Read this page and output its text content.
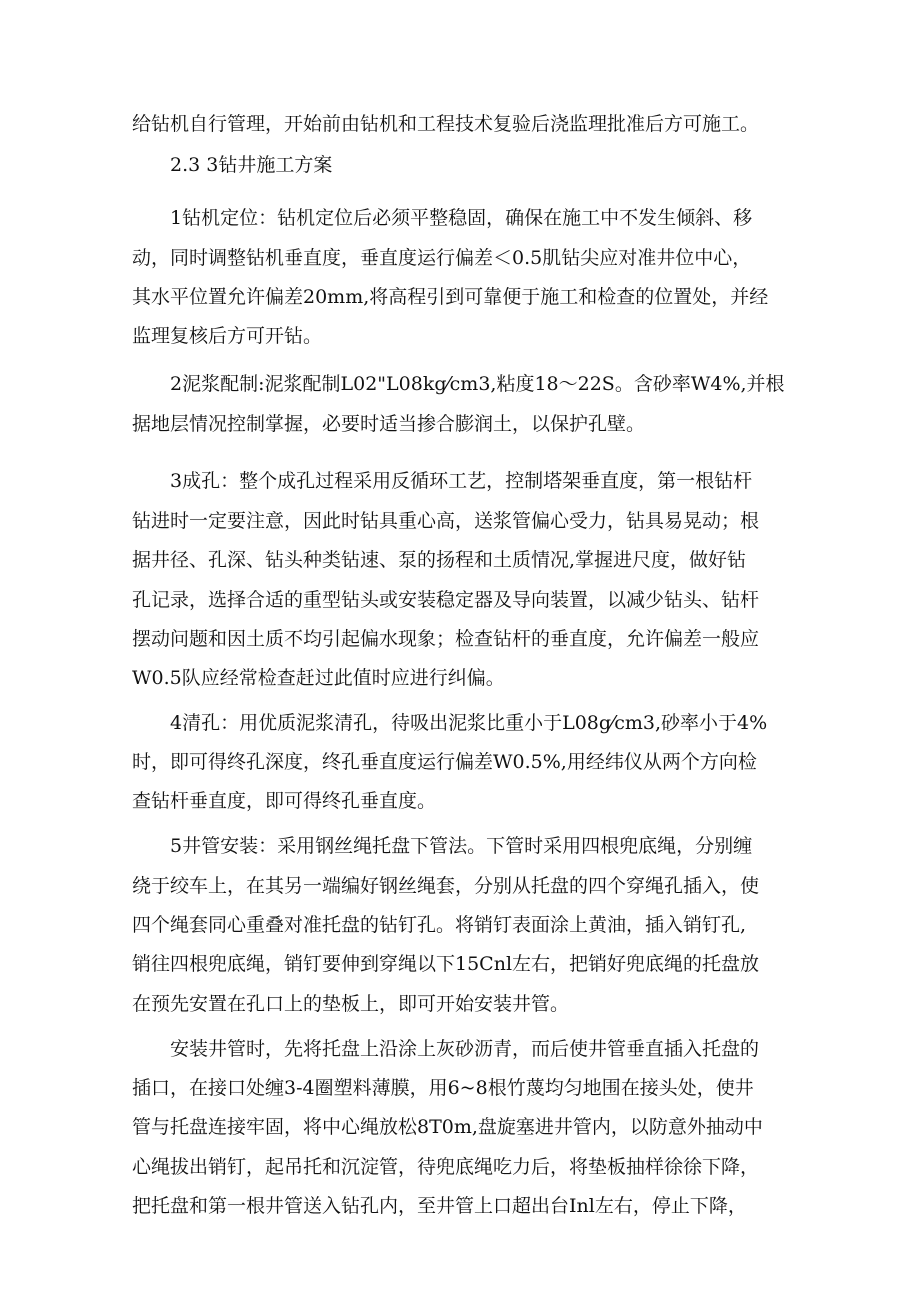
给钻机自行管理，开始前由钻机和工程技术复验后浇监理批准后方可施工。
2.3 3钻井施工方案
1钻机定位：钻机定位后必须平整稳固，确保在施工中不发生倾斜、移
动，同时调整钻机垂直度，垂直度运行偏差＜0.5肌钻尖应对准井位中心，
其水平位置允许偏差20mm,将高程引到可靠便于施工和检查的位置处，并经
监理复核后方可开钻。
2泥浆配制:泥浆配制L02"L08kg⁄cm3,粘度18～22S。含砂率W4%,并根
据地层情况控制掌握，必要时适当掺合膨润土，以保护孔壁。
3成孔：整个成孔过程采用反循环工艺，控制塔架垂直度，第一根钻杆
钻进时一定要注意，因此时钻具重心高，送浆管偏心受力，钻具易晃动；根
据井径、孔深、钻头种类钻速、泵的扬程和土质情况,掌握进尺度，做好钻
孔记录，选择合适的重型钻头或安装稳定器及导向装置，以减少钻头、钻杆
摆动问题和因土质不均引起偏水现象；检查钻杆的垂直度，允许偏差一般应
W0.5队应经常检查赶过此值时应进行纠偏。
4清孔：用优质泥浆清孔，待吸出泥浆比重小于L08g⁄cm3,砂率小于4%
时，即可得终孔深度，终孔垂直度运行偏差W0.5%,用经纬仪从两个方向检
查钻杆垂直度，即可得终孔垂直度。
5井管安装：采用钢丝绳托盘下管法。下管时采用四根兜底绳，分别缠
绕于绞车上，在其另一端编好钢丝绳套，分别从托盘的四个穿绳孔插入，使
四个绳套同心重叠对准托盘的钻钉孔。将销钉表面涂上黄油，插入销钉孔,
销往四根兜底绳，销钉要伸到穿绳以下15Cnl左右，把销好兜底绳的托盘放
在预先安置在孔口上的垫板上，即可开始安装井管。
安装井管时，先将托盘上沿涂上灰砂沥青，而后使井管垂直插入托盘的
插口，在接口处缠3-4圈塑料薄膜，用6~8根竹蔑均匀地围在接头处，使井
管与托盘连接牢固，将中心绳放松8T0m,盘旋塞进井管内，以防意外抽动中
心绳拔出销钉，起吊托和沉淀管，待兜底绳吃力后，将垫板抽样徐徐下降，
把托盘和第一根井管送入钻孔内，至井管上口超出台Inl左右，停止下降，
